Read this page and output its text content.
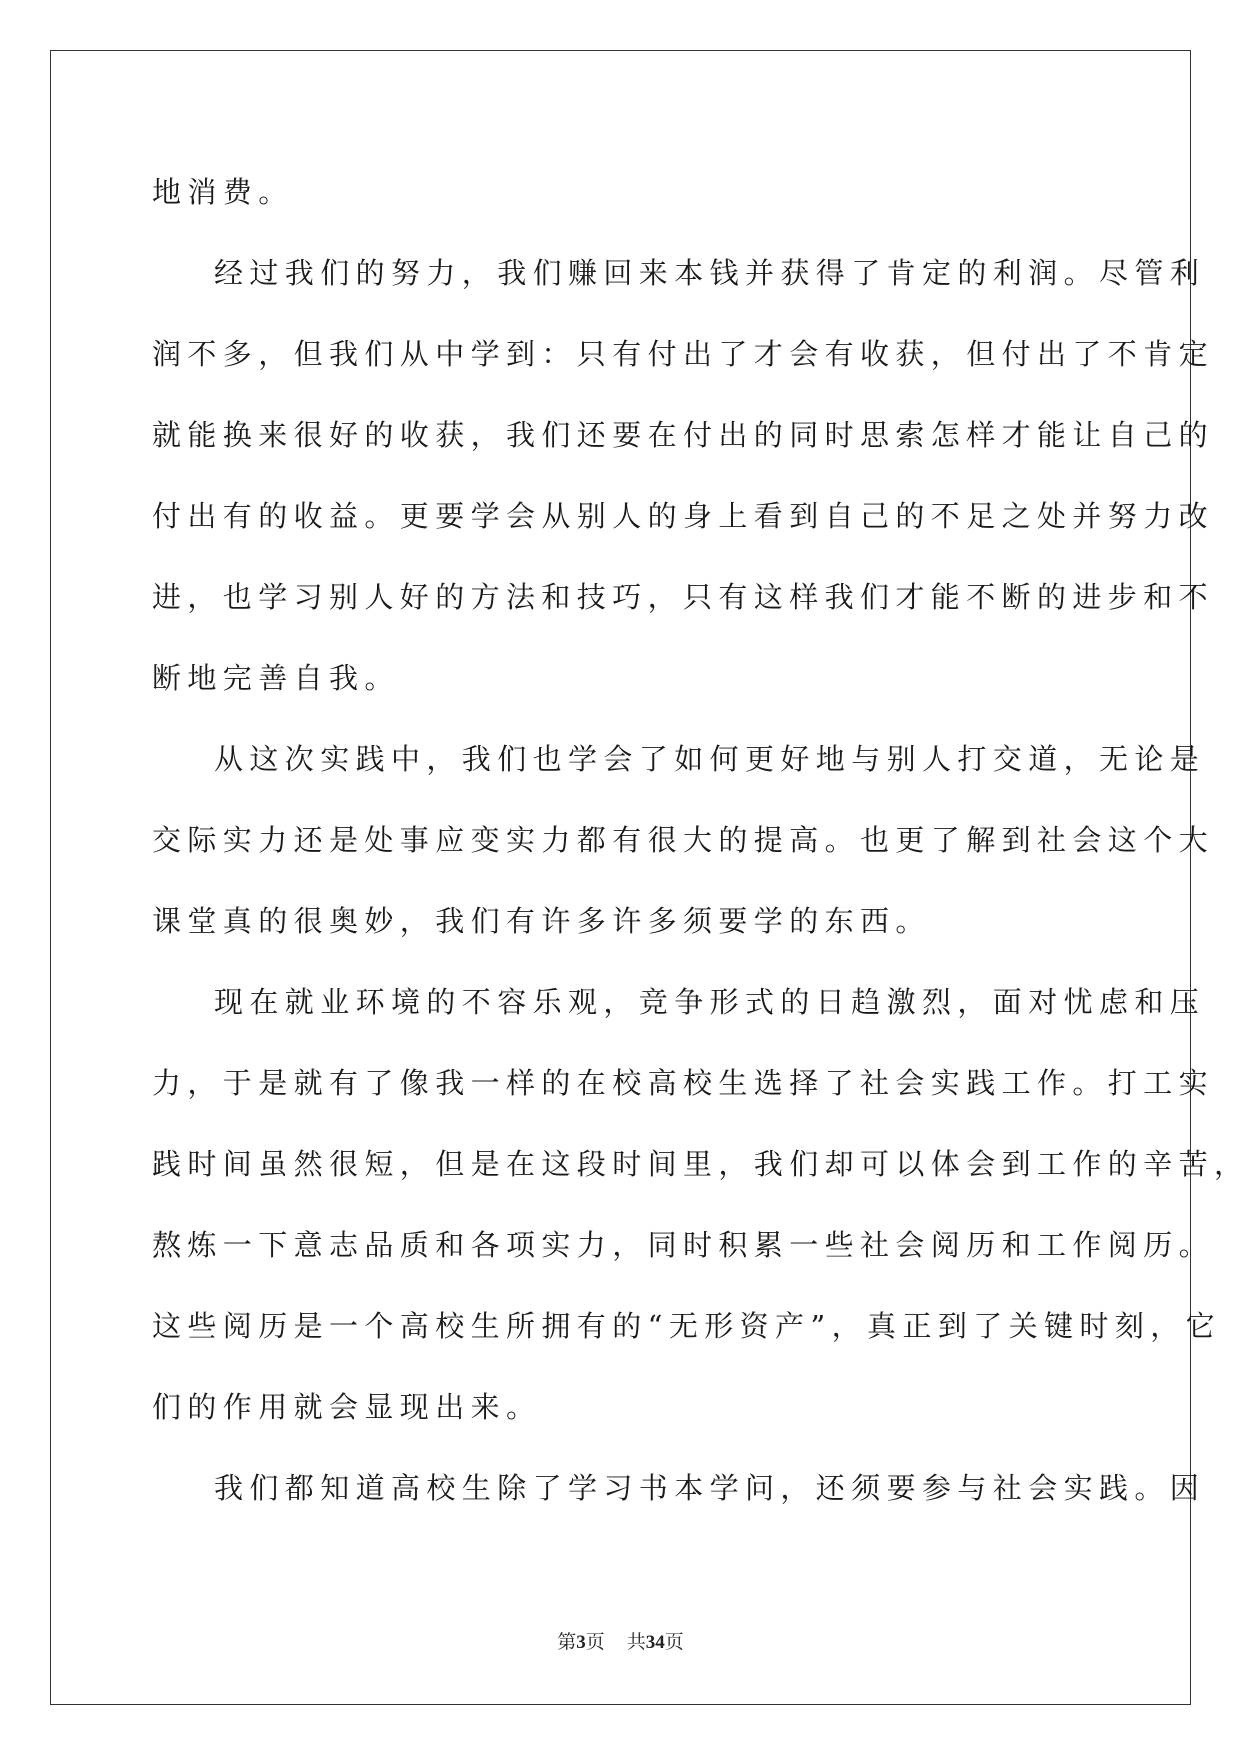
地消费。
经过我们的努力，我们赚回来本钱并获得了肯定的利润。尽管利
润不多，但我们从中学到：只有付出了才会有收获，但付出了不肯定
就能换来很好的收获，我们还要在付出的同时思索怎样才能让自己的
付出有的收益。更要学会从别人的身上看到自己的不足之处并努力改
进，也学习别人好的方法和技巧，只有这样我们才能不断的进步和不
断地完善自我。
从这次实践中，我们也学会了如何更好地与别人打交道，无论是
交际实力还是处事应变实力都有很大的提高。也更了解到社会这个大
课堂真的很奥妙，我们有许多许多须要学的东西。
现在就业环境的不容乐观，竞争形式的日趋激烈，面对忧虑和压
力，于是就有了像我一样的在校高校生选择了社会实践工作。打工实
践时间虽然很短，但是在这段时间里，我们却可以体会到工作的辛苦，
熬炼一下意志品质和各项实力，同时积累一些社会阅历和工作阅历。
这些阅历是一个高校生所拥有的“无形资产”，真正到了关键时刻，它
们的作用就会显现出来。
我们都知道高校生除了学习书本学问，还须要参与社会实践。因
第3页 共34页
